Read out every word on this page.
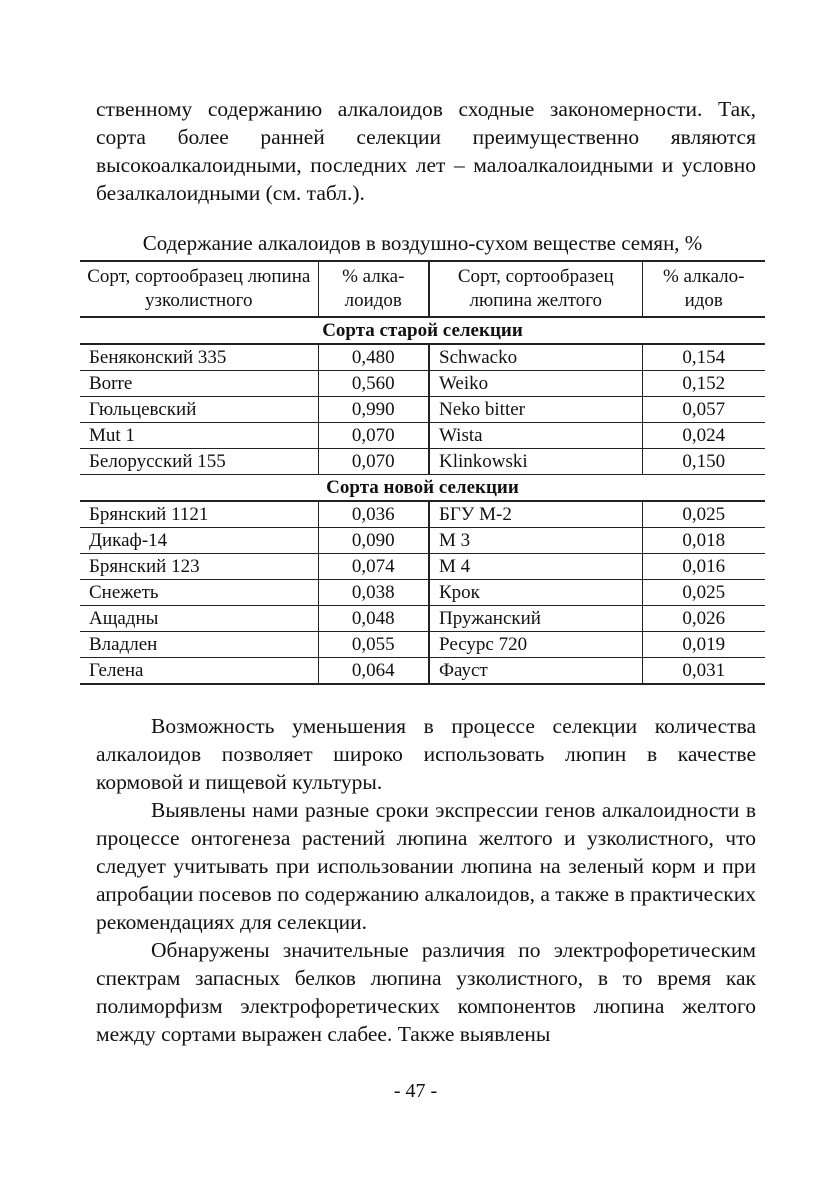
ственному содержанию алкалоидов сходные закономерности. Так, сорта более ранней селекции преимущественно являются высокоалкалоидными, последних лет – малоалкалоидными и условно безалкалоидными (см. табл.).

Содержание алкалоидов в воздушно-сухом веществе семян, %

Сорт, сортообразец люпина узколистного	% алка-лоидов	Сорт, сортообразец люпина желтого	% алкало-идов
Сорта старой селекции			
Беняконский 335	0,480	Schwacko	0,154
Borre	0,560	Weiko	0,152
Гюльцевский	0,990	Neko bitter	0,057
Mut 1	0,070	Wista	0,024
Белорусский 155	0,070	Klinkowski	0,150
Сорта новой селекции			
Брянский 1121	0,036	БГУ М-2	0,025
Дикаф-14	0,090	М 3	0,018
Брянский 123	0,074	М 4	0,016
Снежеть	0,038	Крок	0,025
Ащадны	0,048	Пружанский	0,026
Владлен	0,055	Ресурс 720	0,019
Гелена	0,064	Фауст	0,031

Возможность уменьшения в процессе селекции количества алкалоидов позволяет широко использовать люпин в качестве кормовой и пищевой культуры.

Выявлены нами разные сроки экспрессии генов алкалоидности в процессе онтогенеза растений люпина желтого и узколистного, что следует учитывать при использовании люпина на зеленый корм и при апробации посевов по содержанию алкалоидов, а также в практических рекомендациях для селекции.

Обнаружены значительные различия по электрофоретическим спектрам запасных белков люпина узколистного, в то время как полиморфизм электрофоретических компонентов люпина желтого между сортами выражен слабее. Также выявлены

- 47 -
